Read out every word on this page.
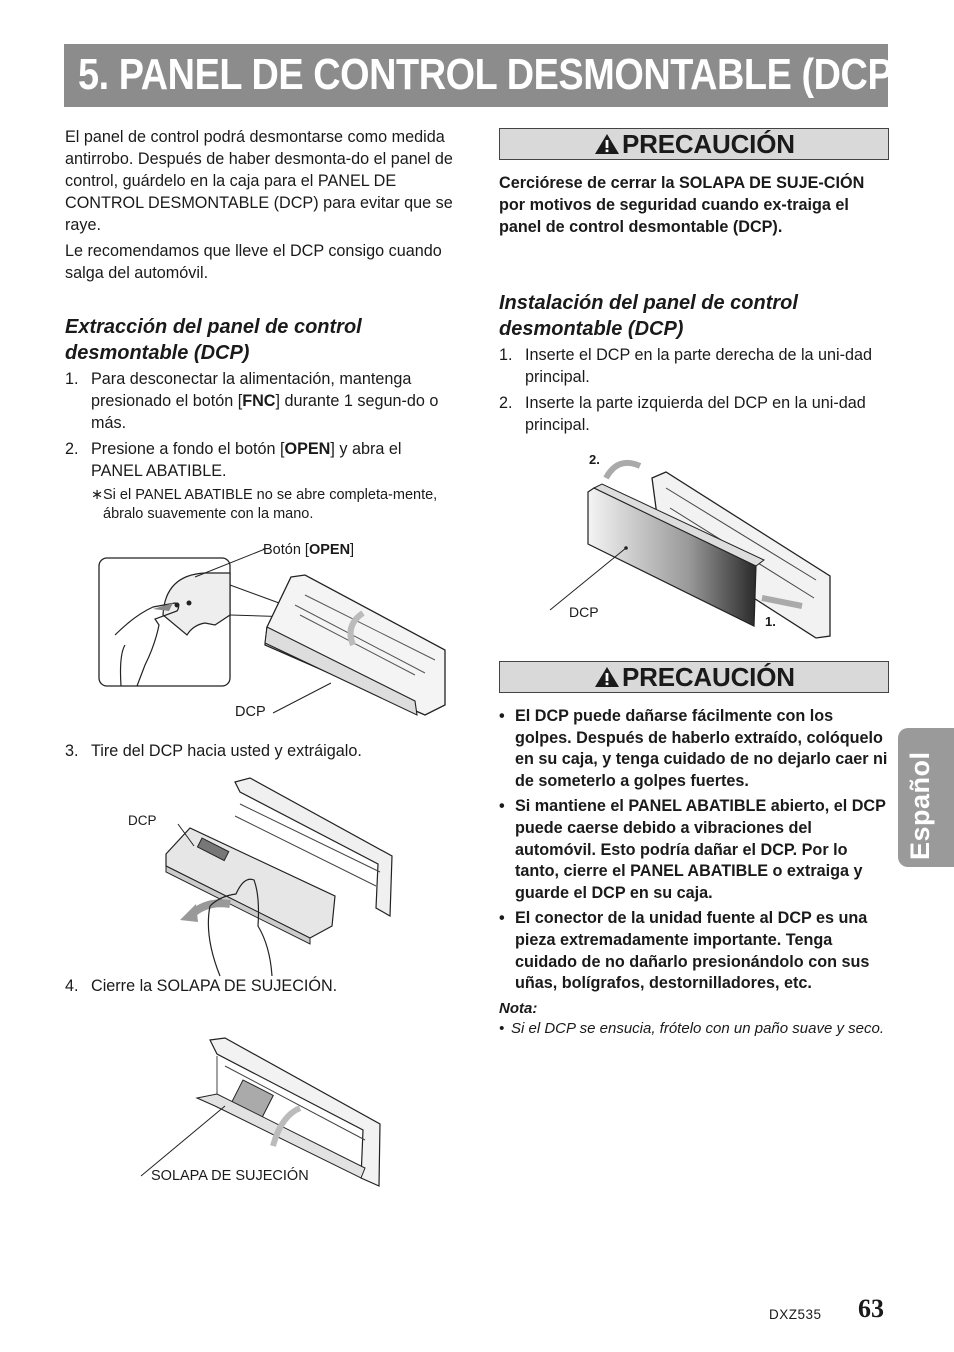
5. PANEL DE CONTROL DESMONTABLE (DCP)

El panel de control podrá desmontarse como medida antirrobo. Después de haber desmonta-do el panel de control, guárdelo en la caja para el PANEL DE CONTROL DESMONTABLE (DCP) para evitar que se raye.

Le recomendamos que lleve el DCP consigo cuando salga del automóvil.

Extracción del panel de control desmontable (DCP)

1. Para desconectar la alimentación, mantenga presionado el botón [FNC] durante 1 segun-do o más.
2. Presione a fondo el botón [OPEN] y abra el PANEL ABATIBLE.
∗ Si el PANEL ABATIBLE no se abre completa-mente, ábralo suavemente con la mano.
Botón [OPEN]
DCP
3. Tire del DCP hacia usted y extráigalo.
DCP
4. Cierre la SOLAPA DE SUJECIÓN.
SOLAPA DE SUJECIÓN
PRECAUCIÓN

Cerciórese de cerrar la SOLAPA DE SUJE-CIÓN por motivos de seguridad cuando ex-traiga el panel de control desmontable (DCP).

Instalación del panel de control desmontable (DCP)

1. Inserte el DCP en la parte derecha de la uni-dad principal.
2. Inserte la parte izquierda del DCP en la uni-dad principal.
2.
1.
DCP
PRECAUCIÓN
• El DCP puede dañarse fácilmente con los golpes. Después de haberlo extraído, colóquelo en su caja, y tenga cuidado de no dejarlo caer ni de someterlo a golpes fuertes.
• Si mantiene el PANEL ABATIBLE abierto, el DCP puede caerse debido a vibraciones del automóvil. Esto podría dañar el DCP. Por lo tanto, cierre el PANEL ABATIBLE o extraiga y guarde el DCP en su caja.
• El conector de la unidad fuente al DCP es una pieza extremadamente importante. Tenga cuidado de no dañarlo presionándolo con sus uñas, bolígrafos, destornilladores, etc.
Nota:
• Si el DCP se ensucia, frótelo con un paño suave y seco.
Español
DXZ535 63
